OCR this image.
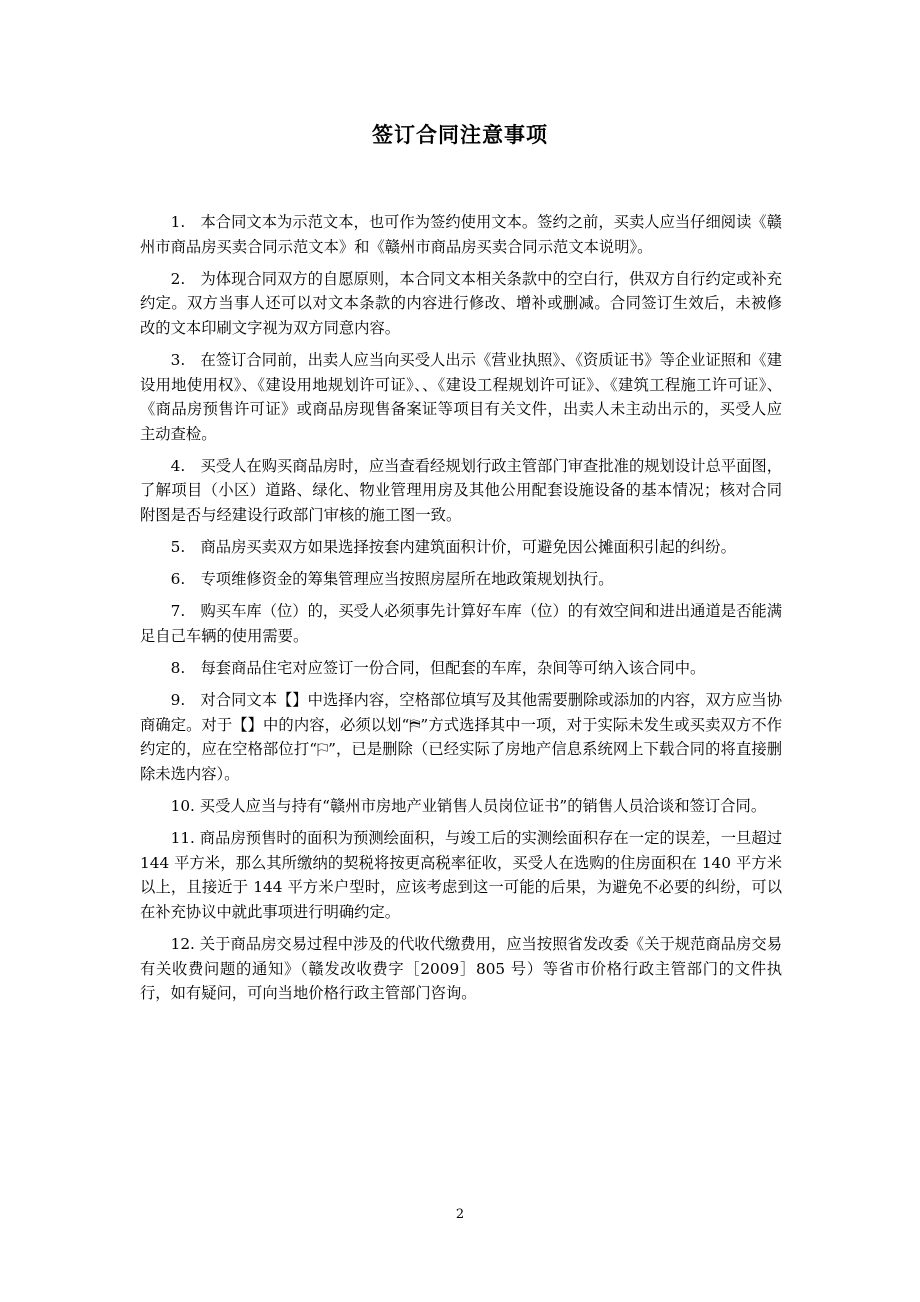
签订合同注意事项

1.　本合同文本为示范文本，也可作为签约使用文本。签约之前，买卖人应当仔细阅读《赣州市商品房买卖合同示范文本》和《赣州市商品房买卖合同示范文本说明》。

2.　为体现合同双方的自愿原则，本合同文本相关条款中的空白行，供双方自行约定或补充约定。双方当事人还可以对文本条款的内容进行修改、增补或删减。合同签订生效后，未被修改的文本印刷文字视为双方同意内容。

3.　在签订合同前，出卖人应当向买受人出示《营业执照》、《资质证书》等企业证照和《建设用地使用权》、《建设用地规划许可证》、、《建设工程规划许可证》、《建筑工程施工许可证》、《商品房预售许可证》或商品房现售备案证等项目有关文件，出卖人未主动出示的，买受人应主动查检。

4.　买受人在购买商品房时，应当查看经规划行政主管部门审查批准的规划设计总平面图，了解项目（小区）道路、绿化、物业管理用房及其他公用配套设施设备的基本情况；核对合同附图是否与经建设行政部门审核的施工图一致。

5.　商品房买卖双方如果选择按套内建筑面积计价，可避免因公摊面积引起的纠纷。

6.　专项维修资金的筹集管理应当按照房屋所在地政策规划执行。

7.　购买车库（位）的，买受人必须事先计算好车库（位）的有效空间和进出通道是否能满足自己车辆的使用需要。

8.　每套商品住宅对应签订一份合同，但配套的车库，杂间等可纳入该合同中。

9.　对合同文本【】中选择内容，空格部位填写及其他需要删除或添加的内容，双方应当协商确定。对于【】中的内容，必须以划“⛿”方式选择其中一项，对于实际未发生或买卖双方不作约定的，应在空格部位打“⚐”，已是删除（已经实际了房地产信息系统网上下载合同的将直接删除未选内容）。

10. 买受人应当与持有“赣州市房地产业销售人员岗位证书”的销售人员洽谈和签订合同。

11. 商品房预售时的面积为预测绘面积，与竣工后的实测绘面积存在一定的误差，一旦超过 144 平方米，那么其所缴纳的契税将按更高税率征收，买受人在选购的住房面积在 140 平方米以上，且接近于 144 平方米户型时，应该考虑到这一可能的后果，为避免不必要的纠纷，可以在补充协议中就此事项进行明确约定。

12. 关于商品房交易过程中涉及的代收代缴费用，应当按照省发改委《关于规范商品房交易有关收费问题的通知》（赣发改收费字［2009］805 号）等省市价格行政主管部门的文件执行，如有疑问，可向当地价格行政主管部门咨询。

2
